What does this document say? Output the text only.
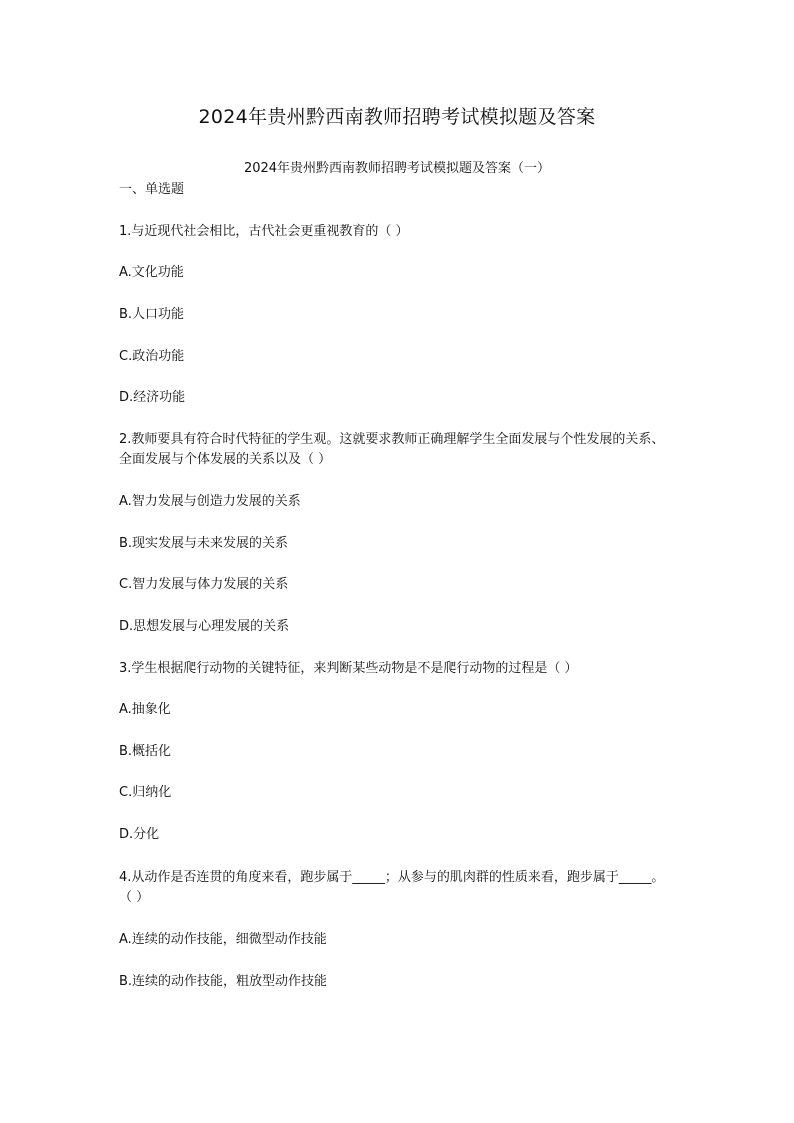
2024年贵州黔西南教师招聘考试模拟题及答案
2024年贵州黔西南教师招聘考试模拟题及答案（一）
一、单选题
1.与近现代社会相比，古代社会更重视教育的（ ）
A.文化功能
B.人口功能
C.政治功能
D.经济功能
2.教师要具有符合时代特征的学生观。这就要求教师正确理解学生全面发展与个性发展的关系、全面发展与个体发展的关系以及（ ）
A.智力发展与创造力发展的关系
B.现实发展与未来发展的关系
C.智力发展与体力发展的关系
D.思想发展与心理发展的关系
3.学生根据爬行动物的关键特征，来判断某些动物是不是爬行动物的过程是（ ）
A.抽象化
B.概括化
C.归纳化
D.分化
4.从动作是否连贯的角度来看，跑步属于_____；从参与的肌肉群的性质来看，跑步属于_____。（ ）
A.连续的动作技能，细微型动作技能
B.连续的动作技能，粗放型动作技能
